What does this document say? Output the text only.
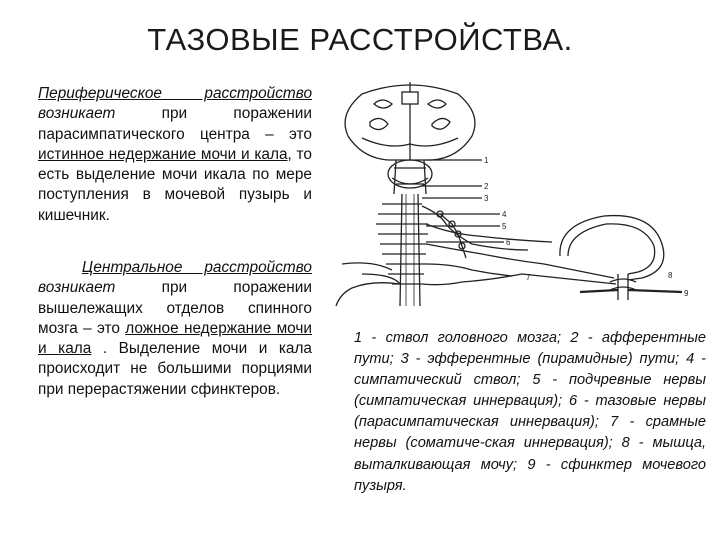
ТАЗОВЫЕ РАССТРОЙСТВА.
Периферическое расстройство возникает при поражении парасимпатического центра – это истинное недержание мочи и кала, то есть выделение мочи икала по мере поступления в мочевой пузырь и кишечник.
Центральное расстройство возникает при поражении вышележащих отделов спинного мозга – это ложное недержание мочи и кала . Выделение мочи и кала происходит не большими порциями при перерастяжении сфинктеров.
1
2
3
4
5
6
7	8
9
1 - ствол головного мозга; 2 - афферентные пути; 3 - эфферентные (пирамидные) пути; 4 - симпатический ствол; 5 - подчревные нервы (симпатическая иннервация); 6 - тазовые нервы (парасимпатическая иннервация); 7 - срамные нервы (соматиче-ская иннервация); 8 - мышца, выталкивающая мочу; 9 - сфинктер мочевого пузыря.
